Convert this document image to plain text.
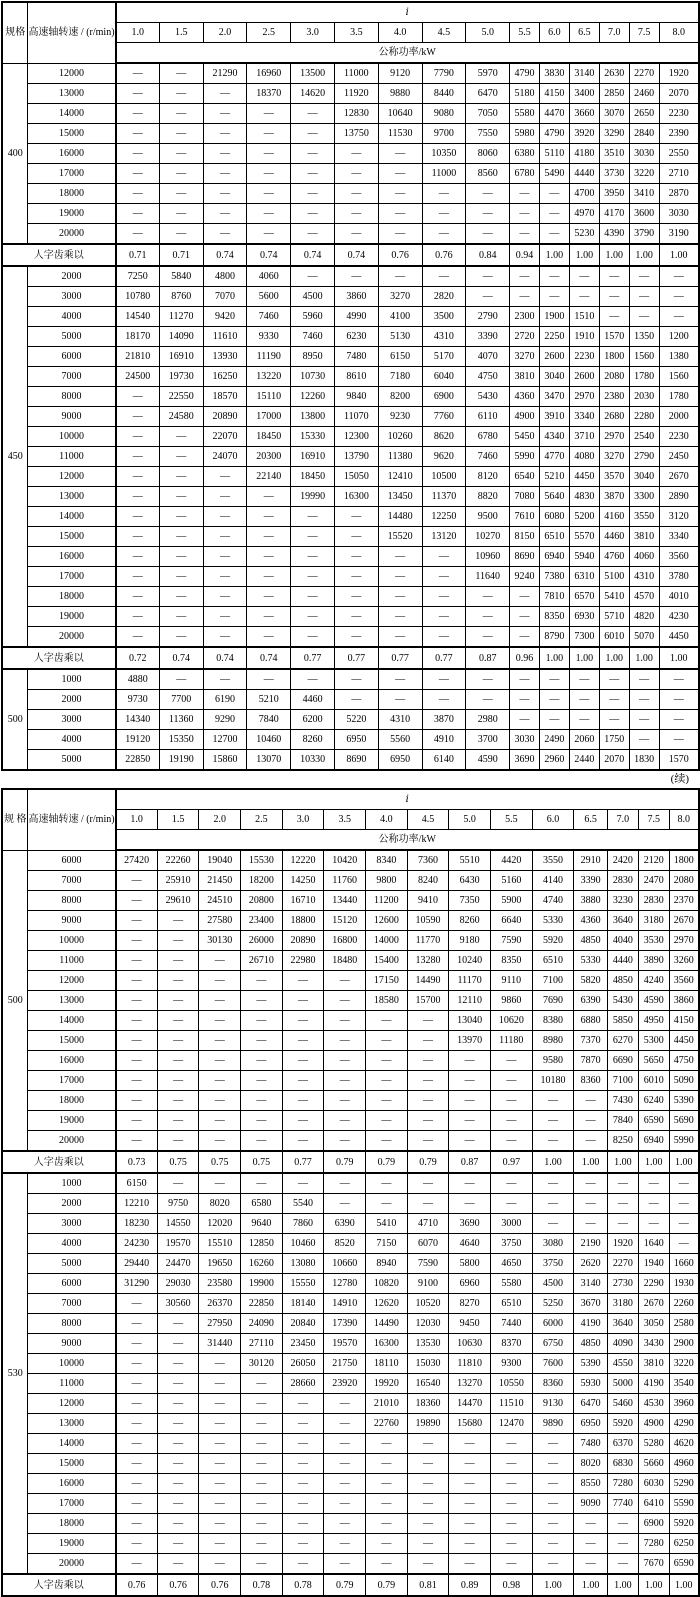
规格	高速轴转速 / (r/min)	i														
		1.0	1.5	2.0	2.5	3.0	3.5	4.0	4.5	5.0	5.5	6.0	6.5	7.0	7.5	8.0
		公称功率/kW														
400	12000	—	—	21290	16960	13500	11000	9120	7790	5970	4790	3830	3140	2630	2270	1920
	13000	—	—	—	18370	14620	11920	9880	8440	6470	5180	4150	3400	2850	2460	2070
	14000	—	—	—	—	—	12830	10640	9080	7050	5580	4470	3660	3070	2650	2230
	15000	—	—	—	—	—	13750	11530	9700	7550	5980	4790	3920	3290	2840	2390
	16000	—	—	—	—	—	—	—	10350	8060	6380	5110	4180	3510	3030	2550
	17000	—	—	—	—	—	—	—	11000	8560	6780	5490	4440	3730	3220	2710
	18000	—	—	—	—	—	—	—	—	—	—	—	4700	3950	3410	2870
	19000	—	—	—	—	—	—	—	—	—	—	—	4970	4170	3600	3030
	20000	—	—	—	—	—	—	—	—	—	—	—	5230	4390	3790	3190
人字齿乘以		0.71	0.71	0.74	0.74	0.74	0.74	0.76	0.76	0.84	0.94	1.00	1.00	1.00	1.00	1.00
450	2000	7250	5840	4800	4060	—	—	—	—	—	—	—	—	—	—	—
	3000	10780	8760	7070	5600	4500	3860	3270	2820	—	—	—	—	—	—	—
	4000	14540	11270	9420	7460	5960	4990	4100	3500	2790	2300	1900	1510	—	—	—
	5000	18170	14090	11610	9330	7460	6230	5130	4310	3390	2720	2250	1910	1570	1350	1200
	6000	21810	16910	13930	11190	8950	7480	6150	5170	4070	3270	2600	2230	1800	1560	1380
	7000	24500	19730	16250	13220	10730	8610	7180	6040	4750	3810	3040	2600	2080	1780	1560
	8000	—	22550	18570	15110	12260	9840	8200	6900	5430	4360	3470	2970	2380	2030	1780
	9000	—	24580	20890	17000	13800	11070	9230	7760	6110	4900	3910	3340	2680	2280	2000
	10000	—	—	22070	18450	15330	12300	10260	8620	6780	5450	4340	3710	2970	2540	2230
	11000	—	—	24070	20300	16910	13790	11380	9620	7460	5990	4770	4080	3270	2790	2450
	12000	—	—	—	22140	18450	15050	12410	10500	8120	6540	5210	4450	3570	3040	2670
	13000	—	—	—	—	19990	16300	13450	11370	8820	7080	5640	4830	3870	3300	2890
	14000	—	—	—	—	—	—	14480	12250	9500	7610	6080	5200	4160	3550	3120
	15000	—	—	—	—	—	—	15520	13120	10270	8150	6510	5570	4460	3810	3340
	16000	—	—	—	—	—	—	—	—	10960	8690	6940	5940	4760	4060	3560
	17000	—	—	—	—	—	—	—	—	11640	9240	7380	6310	5100	4310	3780
	18000	—	—	—	—	—	—	—	—	—	—	7810	6570	5410	4570	4010
	19000	—	—	—	—	—	—	—	—	—	—	8350	6930	5710	4820	4230
	20000	—	—	—	—	—	—	—	—	—	—	8790	7300	6010	5070	4450
人字齿乘以		0.72	0.74	0.74	0.74	0.77	0.77	0.77	0.77	0.87	0.96	1.00	1.00	1.00	1.00	1.00
500	1000	4880	—	—	—	—	—	—	—	—	—	—	—	—	—	—
	2000	9730	7700	6190	5210	4460	—	—	—	—	—	—	—	—	—	—
	3000	14340	11360	9290	7840	6200	5220	4310	3870	2980	—	—	—	—	—	—
	4000	19120	15350	12700	10460	8260	6950	5560	4910	3700	3030	2490	2060	1750	—	—
	5000	22850	19190	15860	13070	10330	8690	6950	6140	4590	3690	2960	2440	2070	1830	1570
(续)
规 格	高速轴转速 / (r/min)	i														
		1.0	1.5	2.0	2.5	3.0	3.5	4.0	4.5	5.0	5.5	6.0	6.5	7.0	7.5	8.0
		公称功率/kW														
500	6000	27420	22260	19040	15530	12220	10420	8340	7360	5510	4420	3550	2910	2420	2120	1800
	7000	—	25910	21450	18200	14250	11760	9800	8240	6430	5160	4140	3390	2830	2470	2080
	8000	—	29610	24510	20800	16710	13440	11200	9410	7350	5900	4740	3880	3230	2830	2370
	9000	—	—	27580	23400	18800	15120	12600	10590	8260	6640	5330	4360	3640	3180	2670
	10000	—	—	30130	26000	20890	16800	14000	11770	9180	7590	5920	4850	4040	3530	2970
	11000	—	—	—	26710	22980	18480	15400	13280	10240	8350	6510	5330	4440	3890	3260
	12000	—	—	—	—	—	—	17150	14490	11170	9110	7100	5820	4850	4240	3560
	13000	—	—	—	—	—	—	18580	15700	12110	9860	7690	6390	5430	4590	3860
	14000	—	—	—	—	—	—	—	—	13040	10620	8380	6880	5850	4950	4150
	15000	—	—	—	—	—	—	—	—	13970	11180	8980	7370	6270	5300	4450
	16000	—	—	—	—	—	—	—	—	—	—	9580	7870	6690	5650	4750
	17000	—	—	—	—	—	—	—	—	—	—	10180	8360	7100	6010	5090
	18000	—	—	—	—	—	—	—	—	—	—	—	—	7430	6240	5390
	19000	—	—	—	—	—	—	—	—	—	—	—	—	7840	6590	5690
	20000	—	—	—	—	—	—	—	—	—	—	—	—	8250	6940	5990
人字齿乘以		0.73	0.75	0.75	0.75	0.77	0.79	0.79	0.79	0.87	0.97	1.00	1.00	1.00	1.00	1.00
530	1000	6150	—	—	—	—	—	—	—	—	—	—	—	—	—	—
	2000	12210	9750	8020	6580	5540	—	—	—	—	—	—	—	—	—	—
	3000	18230	14550	12020	9640	7860	6390	5410	4710	3690	3000	—	—	—	—	—
	4000	24230	19570	15510	12850	10460	8520	7150	6070	4640	3750	3080	2190	1920	1640	—
	5000	29440	24470	19650	16260	13080	10660	8940	7590	5800	4650	3750	2620	2270	1940	1660
	6000	31290	29030	23580	19900	15550	12780	10820	9100	6960	5580	4500	3140	2730	2290	1930
	7000	—	30560	26370	22850	18140	14910	12620	10520	8270	6510	5250	3670	3180	2670	2260
	8000	—	—	27950	24090	20840	17390	14490	12030	9450	7440	6000	4190	3640	3050	2580
	9000	—	—	31440	27110	23450	19570	16300	13530	10630	8370	6750	4850	4090	3430	2900
	10000	—	—	—	30120	26050	21750	18110	15030	11810	9300	7600	5390	4550	3810	3220
	11000	—	—	—	—	28660	23920	19920	16540	13270	10550	8360	5930	5000	4190	3540
	12000	—	—	—	—	—	—	21010	18360	14470	11510	9130	6470	5460	4530	3960
	13000	—	—	—	—	—	—	22760	19890	15680	12470	9890	6950	5920	4900	4290
	14000	—	—	—	—	—	—	—	—	—	—	—	7480	6370	5280	4620
	15000	—	—	—	—	—	—	—	—	—	—	—	8020	6830	5660	4960
	16000	—	—	—	—	—	—	—	—	—	—	—	8550	7280	6030	5290
	17000	—	—	—	—	—	—	—	—	—	—	—	9090	7740	6410	5590
	18000	—	—	—	—	—	—	—	—	—	—	—	—	—	6900	5920
	19000	—	—	—	—	—	—	—	—	—	—	—	—	—	7280	6250
	20000	—	—	—	—	—	—	—	—	—	—	—	—	—	7670	6590
人字齿乘以		0.76	0.76	0.76	0.78	0.78	0.79	0.79	0.81	0.89	0.98	1.00	1.00	1.00	1.00	1.00
